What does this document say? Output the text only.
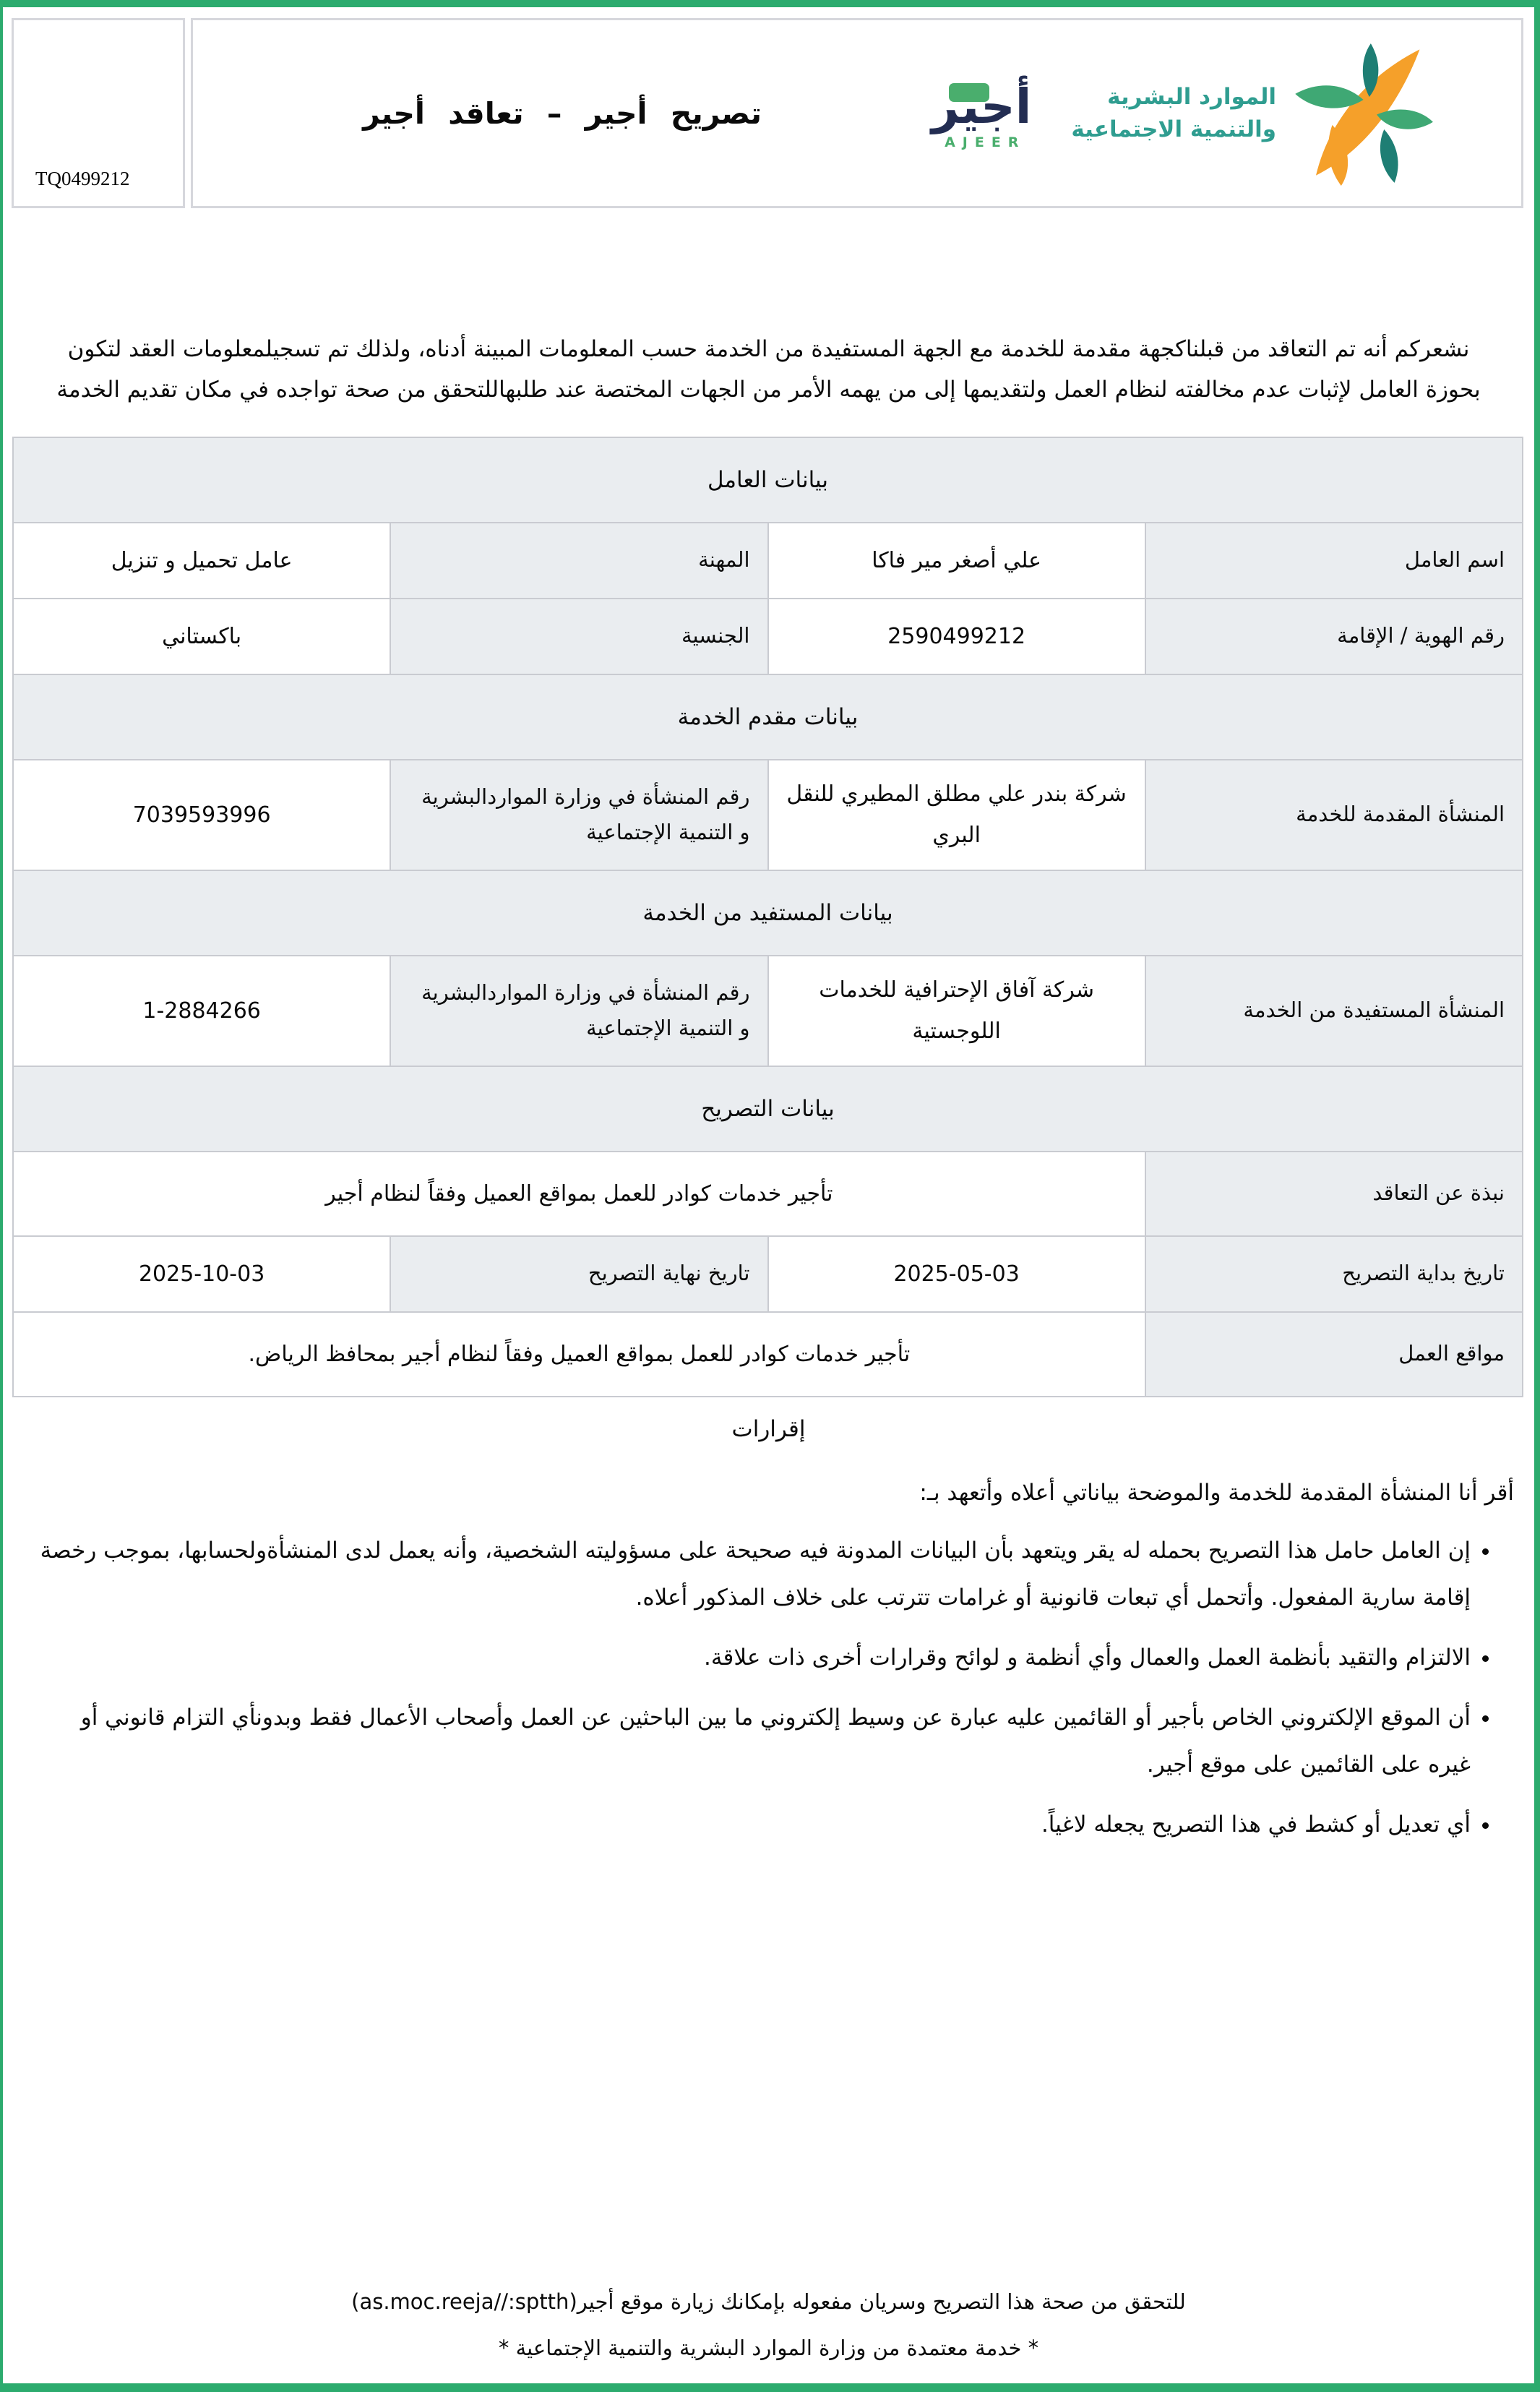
TQ0499212
تصريح أجير – تعاقد أجير	أجير
AJEER
الموارد البشرية
والتنمية الاجتماعية

نشعركم أنه تم التعاقد من قبلناكجهة مقدمة للخدمة مع الجهة المستفيدة من الخدمة حسب المعلومات المبينة أدناه، ولذلك تم تسجيلمعلومات العقد لتكون بحوزة العامل لإثبات عدم مخالفته لنظام العمل ولتقديمها إلى من يهمه الأمر من الجهات المختصة عند طلبهاللتحقق من صحة تواجده في مكان تقديم الخدمة

بيانات العامل			
اسم العامل	علي أصغر مير فاكا	المهنة	عامل تحميل و تنزيل
رقم الهوية / الإقامة	2590499212	الجنسية	باكستاني
بيانات مقدم الخدمة			
المنشأة المقدمة للخدمة	شركة بندر علي مطلق المطيري للنقل البري	رقم المنشأة في وزارة المواردالبشرية و التنمية الإجتماعية	7039593996
بيانات المستفيد من الخدمة			
المنشأة المستفيدة من الخدمة	شركة آفاق الإحترافية للخدمات اللوجستية	رقم المنشأة في وزارة المواردالبشرية و التنمية الإجتماعية	1-2884266
بيانات التصريح			
نبذة عن التعاقد	تأجير خدمات كوادر للعمل بمواقع العميل وفقاً لنظام أجير		
تاريخ بداية التصريح	2025-05-03	تاريخ نهاية التصريح	2025-10-03
مواقع العمل	تأجير خدمات كوادر للعمل بمواقع العميل وفقاً لنظام أجير بمحافظ الرياض.		
إقرارات
أقر أنا المنشأة المقدمة للخدمة والموضحة بياناتي أعلاه وأتعهد بـ:
• إن العامل حامل هذا التصريح بحمله له يقر ويتعهد بأن البيانات المدونة فيه صحيحة على مسؤوليته الشخصية، وأنه يعمل لدى المنشأةولحسابها، بموجب رخصة إقامة سارية المفعول. وأتحمل أي تبعات قانونية أو غرامات تترتب على خلاف المذكور أعلاه.
• الالتزام والتقيد بأنظمة العمل والعمال وأي أنظمة و لوائح وقرارات أخرى ذات علاقة.
• أن الموقع الإلكتروني الخاص بأجير أو القائمين عليه عبارة عن وسيط إلكتروني ما بين الباحثين عن العمل وأصحاب الأعمال فقط وبدونأي التزام قانوني أو غيره على القائمين على موقع أجير.
• أي تعديل أو كشط في هذا التصريح يجعله لاغياً.
للتحقق من صحة هذا التصريح وسريان مفعوله بإمكانك زيارة موقع أجير(as.moc.reeja//:sptth)
* خدمة معتمدة من وزارة الموارد البشرية والتنمية الإجتماعية *
